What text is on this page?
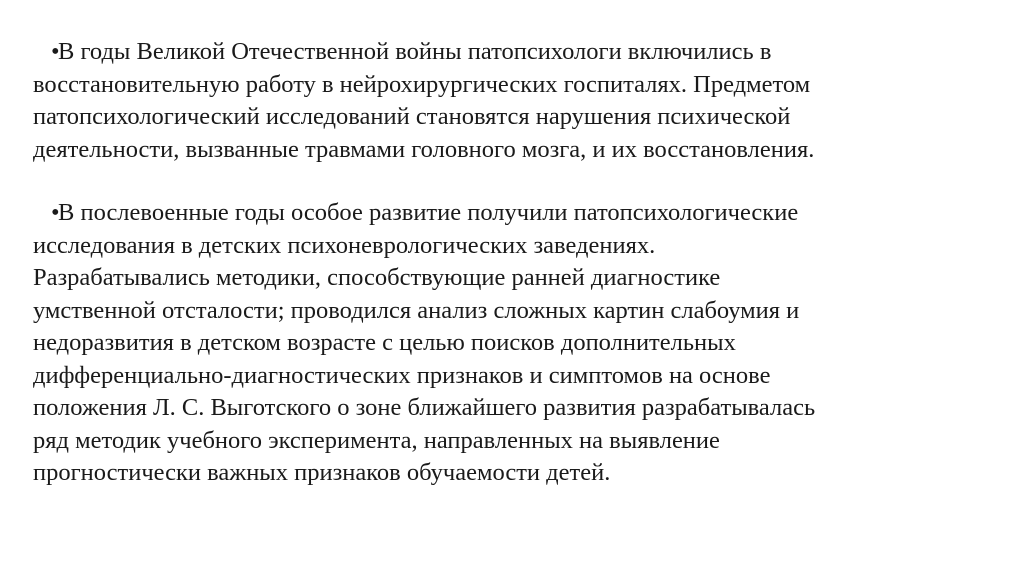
•
В годы Великой Отечественной войны патопсихологи включились в
восстановительную работу в нейрохирургических госпиталях. Предметом
патопсихологический исследований становятся нарушения психической
деятельности, вызванные травмами головного мозга, и их восстановления.

•
В послевоенные годы особое развитие получили патопсихологические
исследования в детских психоневрологических заведениях.
Разрабатывались методики, способствующие ранней диагностике
умственной отсталости; проводился анализ сложных картин слабоумия и
недоразвития в детском возрасте с целью поисков дополнительных
дифференциально-диагностических признаков и симптомов на основе
положения Л. С. Выготского о зоне ближайшего развития разрабатывалась
ряд методик учебного эксперимента, направленных на выявление
прогностически важных признаков обучаемости детей.
